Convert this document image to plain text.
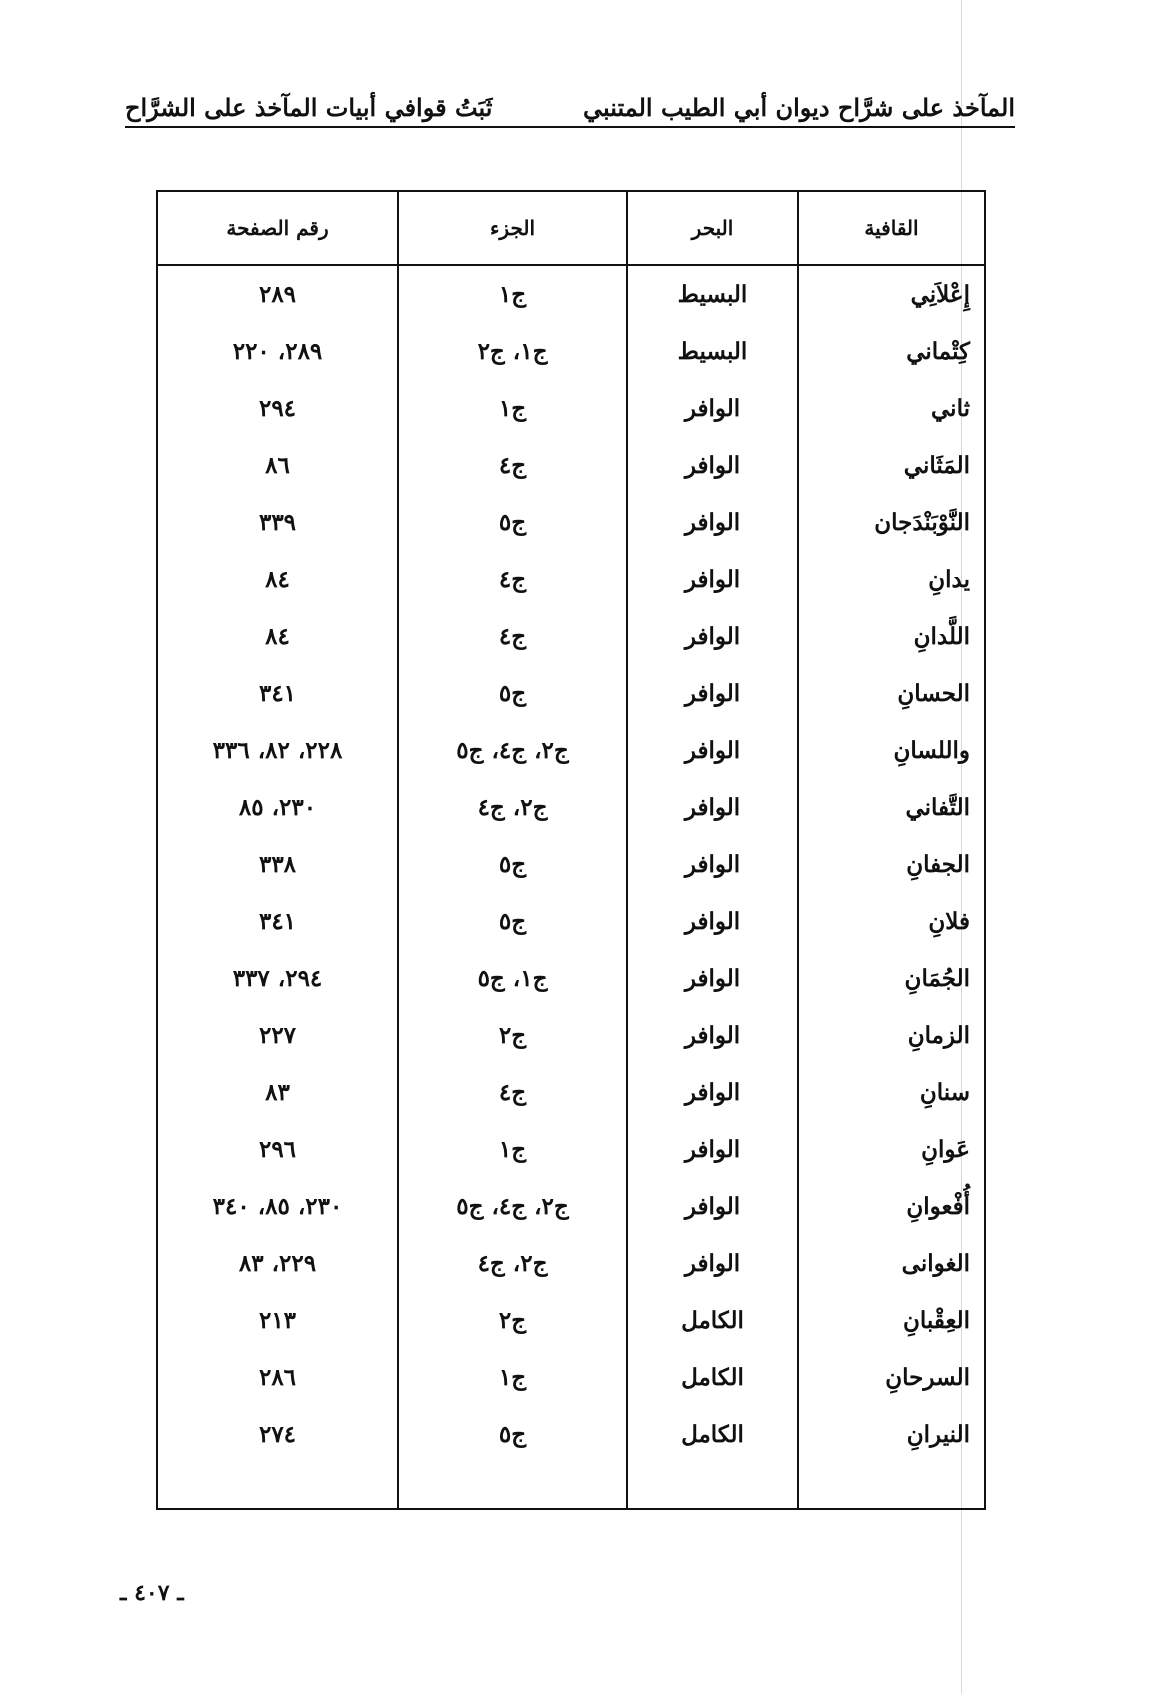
المآخذ على شرَّاح ديوان أبي الطيب المتنبي
ثَبَتُ قوافي أبيات المآخذ على الشرَّاح
القافية	البحر	الجزء	رقم الصفحة
إِعْلاَنِي	البسيط	ج١	٢٨٩
كِتْماني	البسيط	ج١، ج٢	٢٨٩، ٢٢٠
ثاني	الوافر	ج١	٢٩٤
المَثَاني	الوافر	ج٤	٨٦
النَّوْبَنْدَجان	الوافر	ج٥	٣٣٩
يدانِ	الوافر	ج٤	٨٤
اللَّدانِ	الوافر	ج٤	٨٤
الحسانِ	الوافر	ج٥	٣٤١
واللسانِ	الوافر	ج٢، ج٤، ج٥	٢٢٨، ٨٢، ٣٣٦
التَّفاني	الوافر	ج٢، ج٤	٢٣٠، ٨٥
الجفانِ	الوافر	ج٥	٣٣٨
فلانِ	الوافر	ج٥	٣٤١
الجُمَانِ	الوافر	ج١، ج٥	٢٩٤، ٣٣٧
الزمانِ	الوافر	ج٢	٢٢٧
سنانِ	الوافر	ج٤	٨٣
عَوانِ	الوافر	ج١	٢٩٦
أُفْعوانِ	الوافر	ج٢، ج٤، ج٥	٢٣٠، ٨٥، ٣٤٠
الغوانى	الوافر	ج٢، ج٤	٢٢٩، ٨٣
العِقْبانِ	الكامل	ج٢	٢١٣
السرحانِ	الكامل	ج١	٢٨٦
النيرانِ	الكامل	ج٥	٢٧٤

ـ ٤٠٧ ـ
